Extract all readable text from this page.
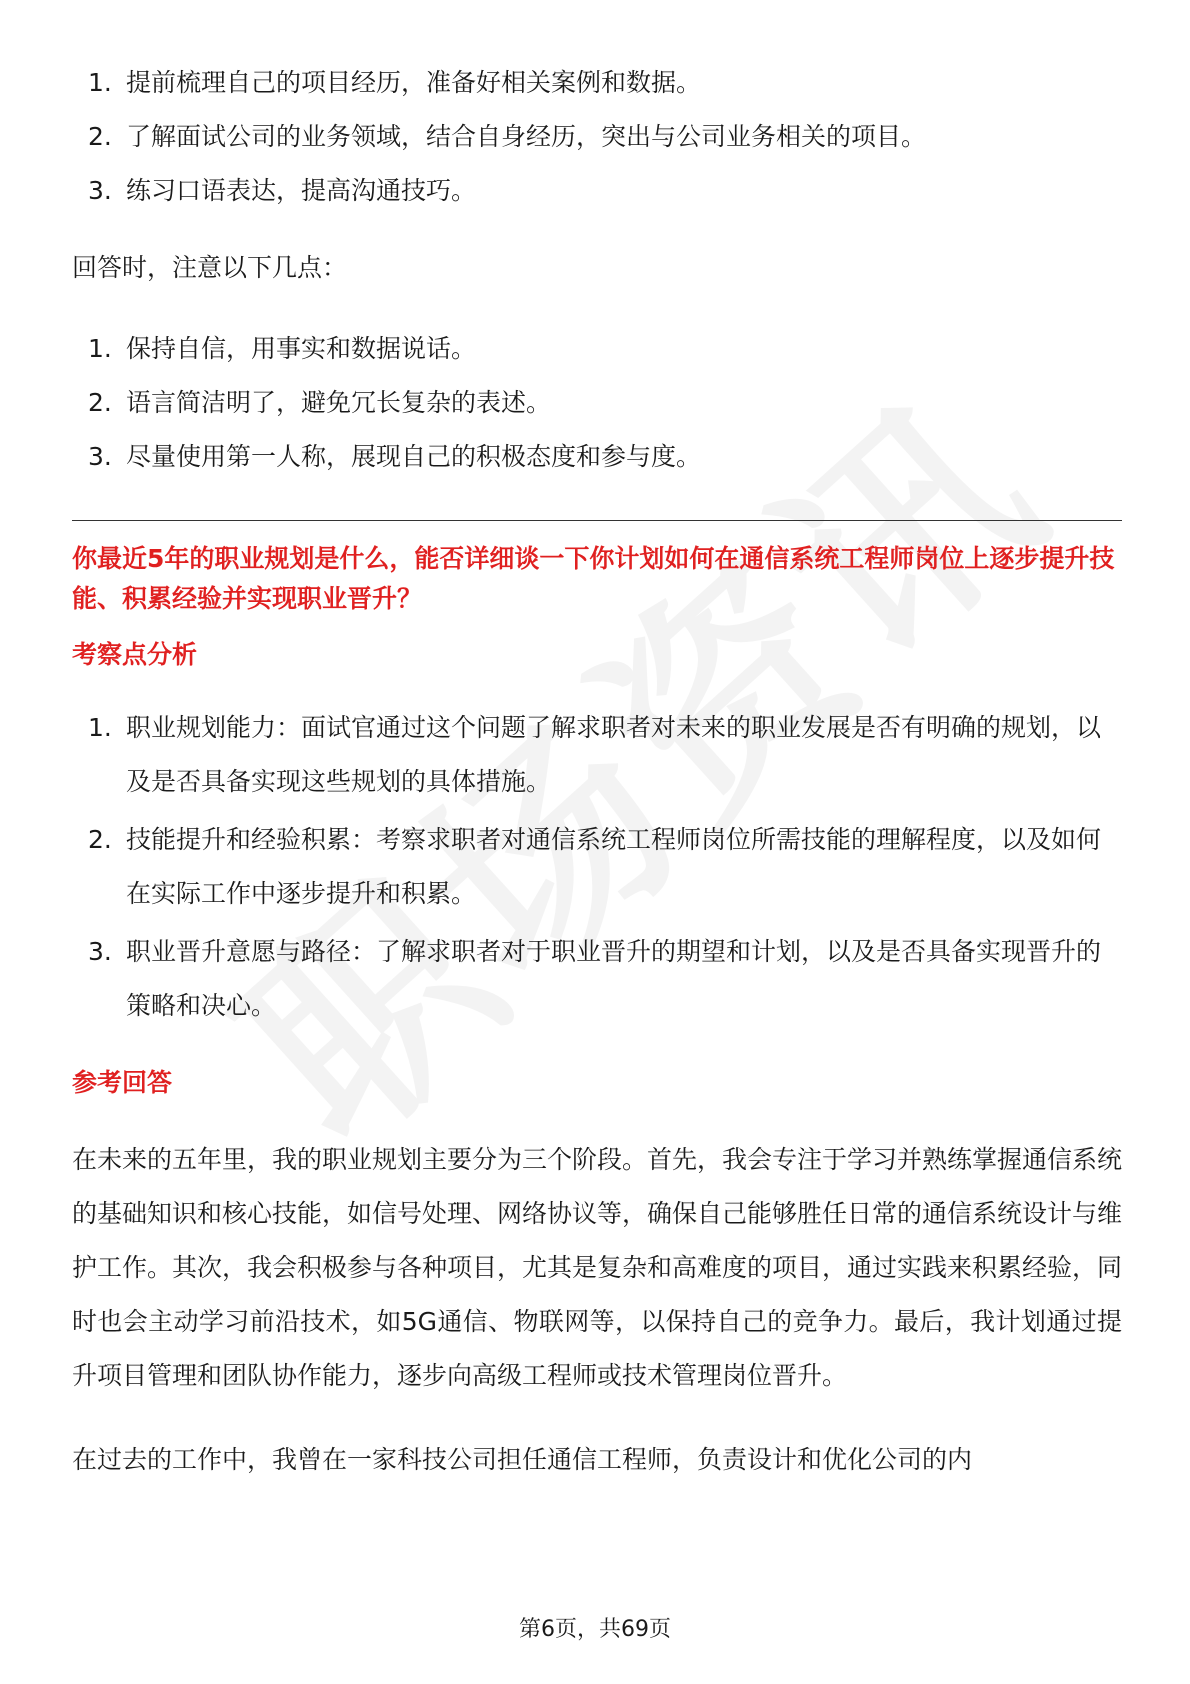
1. 提前梳理自己的项目经历，准备好相关案例和数据。
2. 了解面试公司的业务领域，结合自身经历，突出与公司业务相关的项目。
3. 练习口语表达，提高沟通技巧。

回答时，注意以下几点：

1. 保持自信，用事实和数据说话。
2. 语言简洁明了，避免冗长复杂的表述。
3. 尽量使用第一人称，展现自己的积极态度和参与度。

你最近5年的职业规划是什么，能否详细谈一下你计划如何在通信系统工程师岗位上逐步提升技能、积累经验并实现职业晋升？

考察点分析

1. 职业规划能力：面试官通过这个问题了解求职者对未来的职业发展是否有明确的规划，以及是否具备实现这些规划的具体措施。
2. 技能提升和经验积累：考察求职者对通信系统工程师岗位所需技能的理解程度，以及如何在实际工作中逐步提升和积累。
3. 职业晋升意愿与路径：了解求职者对于职业晋升的期望和计划，以及是否具备实现晋升的策略和决心。

参考回答

在未来的五年里，我的职业规划主要分为三个阶段。首先，我会专注于学习并熟练掌握通信系统的基础知识和核心技能，如信号处理、网络协议等，确保自己能够胜任日常的通信系统设计与维护工作。其次，我会积极参与各种项目，尤其是复杂和高难度的项目，通过实践来积累经验，同时也会主动学习前沿技术，如5G通信、物联网等，以保持自己的竞争力。最后，我计划通过提升项目管理和团队协作能力，逐步向高级工程师或技术管理岗位晋升。

在过去的工作中，我曾在一家科技公司担任通信工程师，负责设计和优化公司的内

第6页，共69页
